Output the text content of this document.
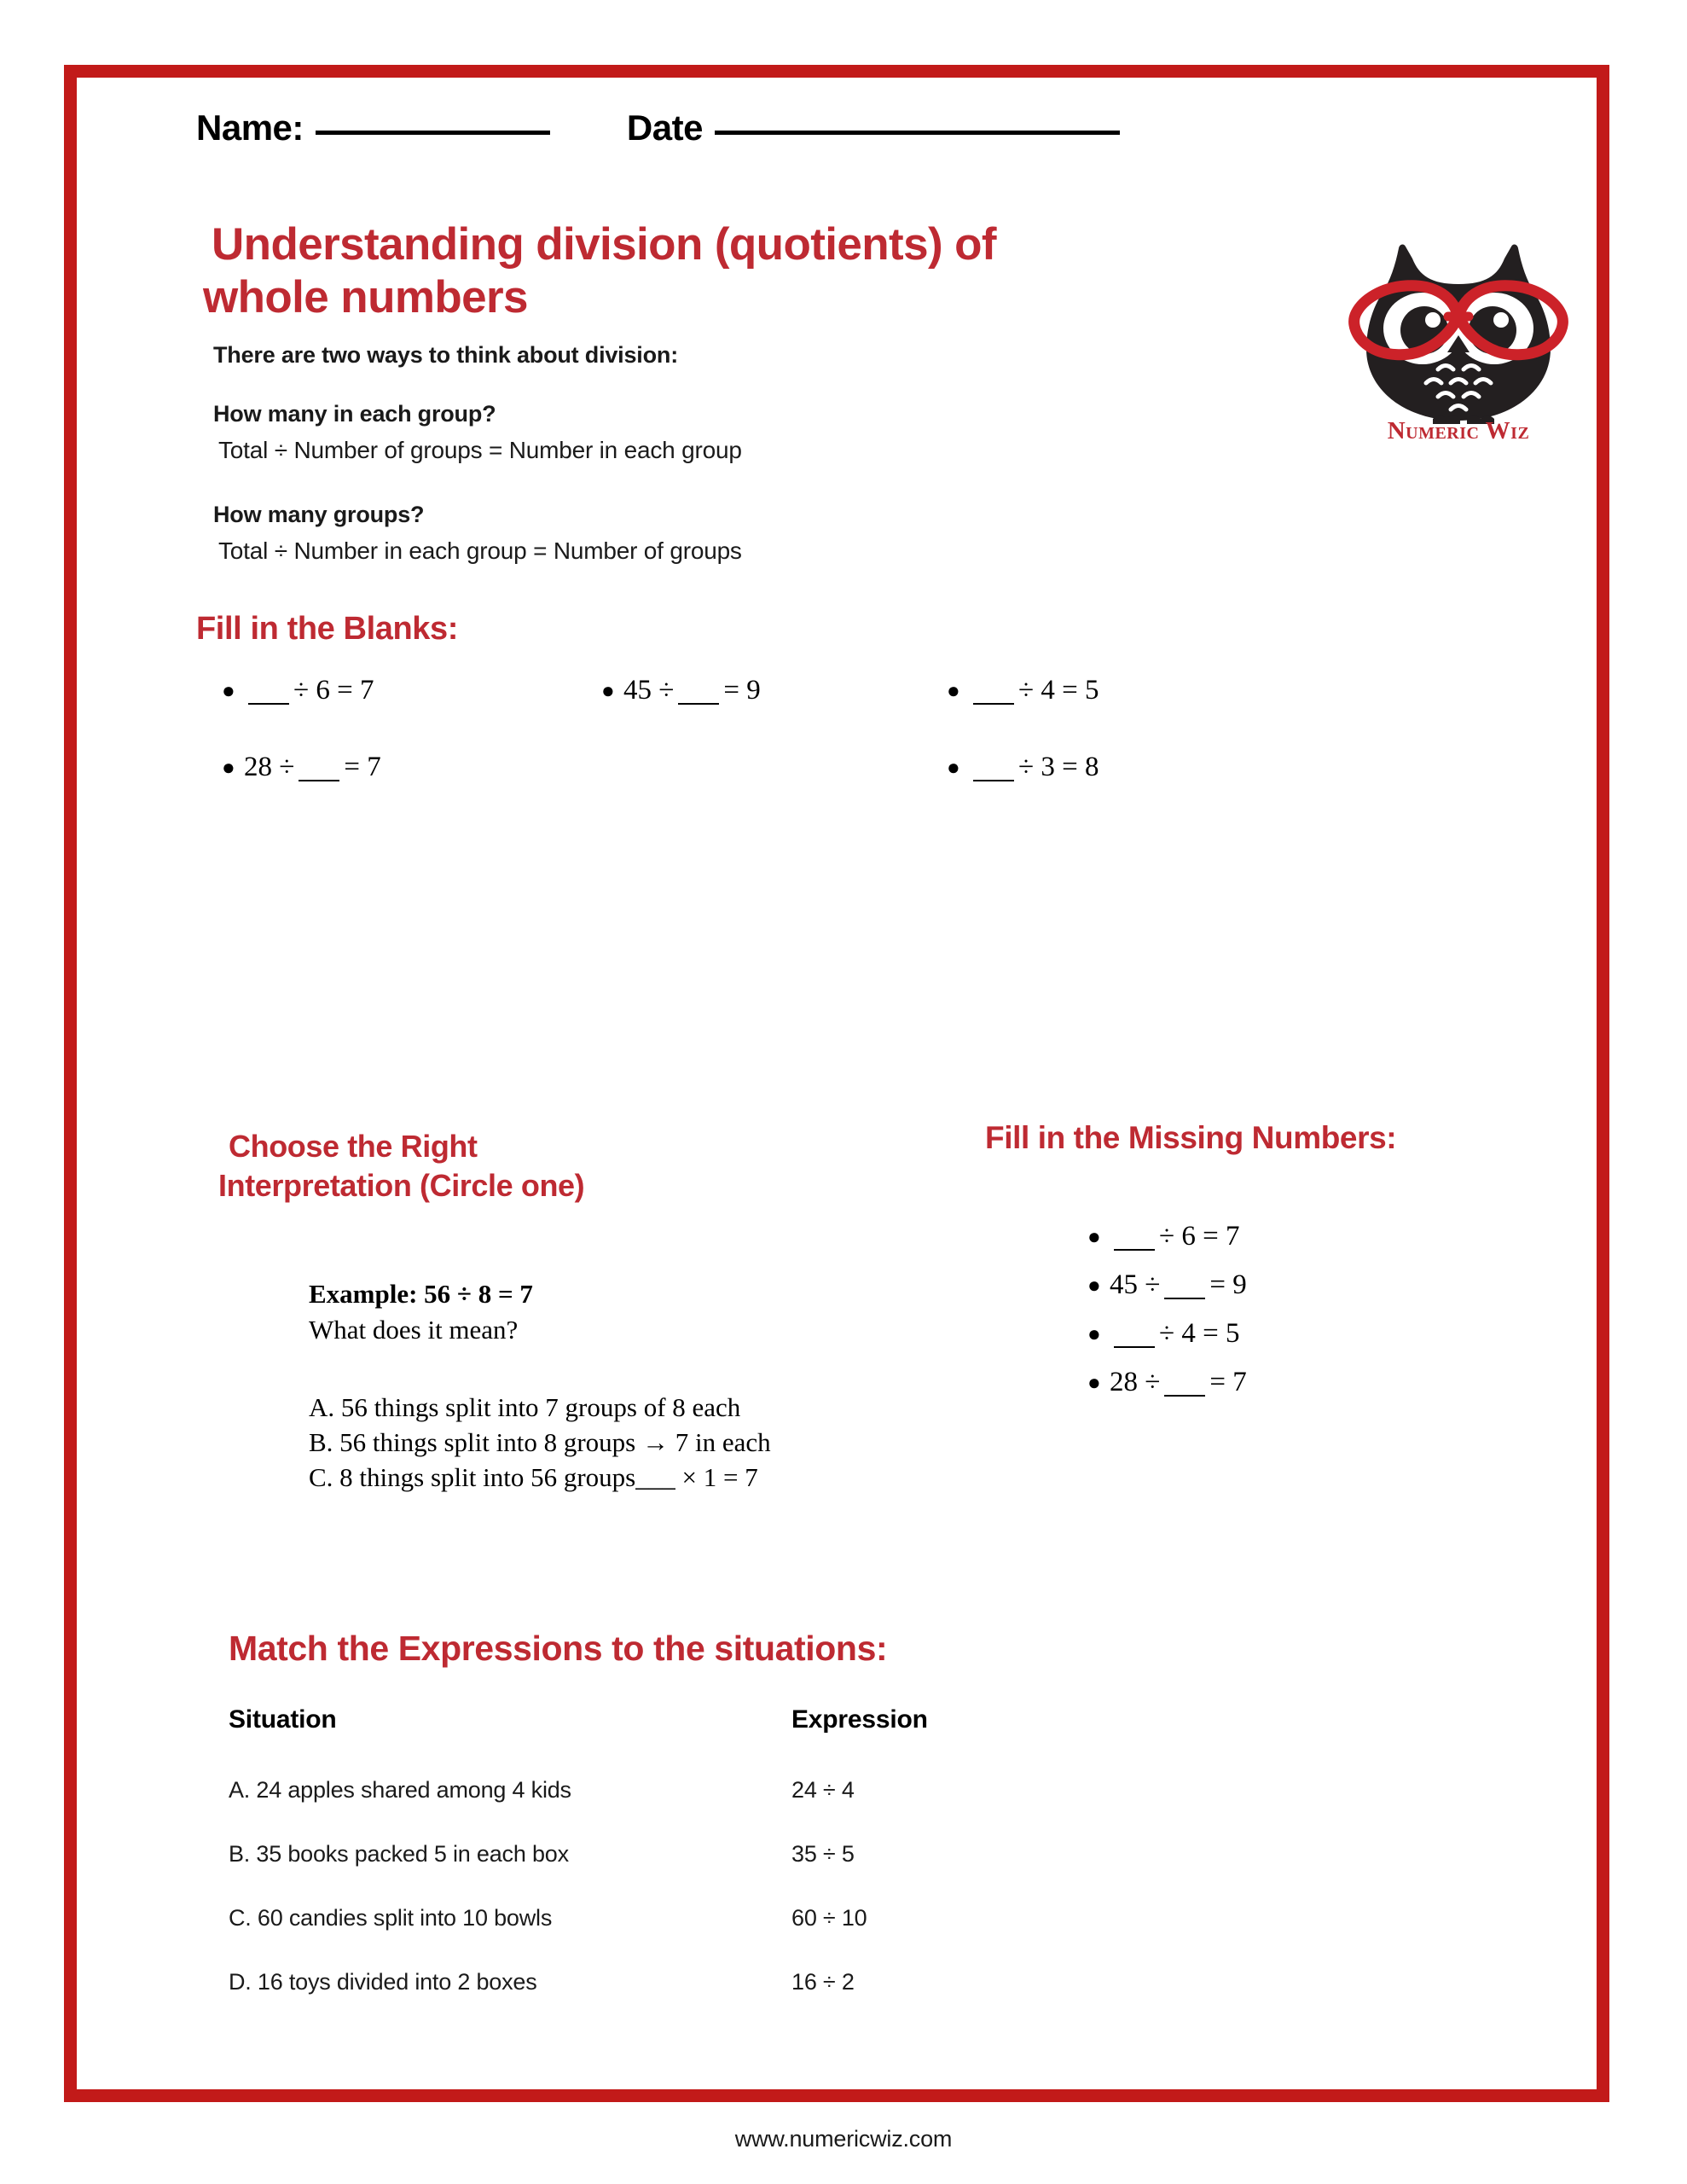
Name:	Date
Understanding division (quotients) of
whole numbers
Numeric Wiz
There are two ways to think about division:
How many in each group?
Total ÷ Number of groups = Number in each group
How many groups?
Total ÷ Number in each group = Number of groups
Fill in the Blanks:
●	÷ 6 = 7	● 45 ÷ = 9	●	÷ 4 = 5
● 28 ÷ = 7	●	÷ 3 = 8
Choose the Right
Interpretation (Circle one)
Example: 56 ÷ 8 = 7
What does it mean?
A. 56 things split into 7 groups of 8 each
B. 56 things split into 8 groups → 7 in each
C. 8 things split into 56 groups___ × 1 = 7
Fill in the Missing Numbers:
●	÷ 6 = 7
● 45 ÷ = 9
●	÷ 4 = 5
● 28 ÷ = 7
Match the Expressions to the situations:
Situation	Expression
A. 24 apples shared among 4 kids	24 ÷ 4
B. 35 books packed 5 in each box	35 ÷ 5
C. 60 candies split into 10 bowls	60 ÷ 10
D. 16 toys divided into 2 boxes	16 ÷ 2
www.numericwiz.com
